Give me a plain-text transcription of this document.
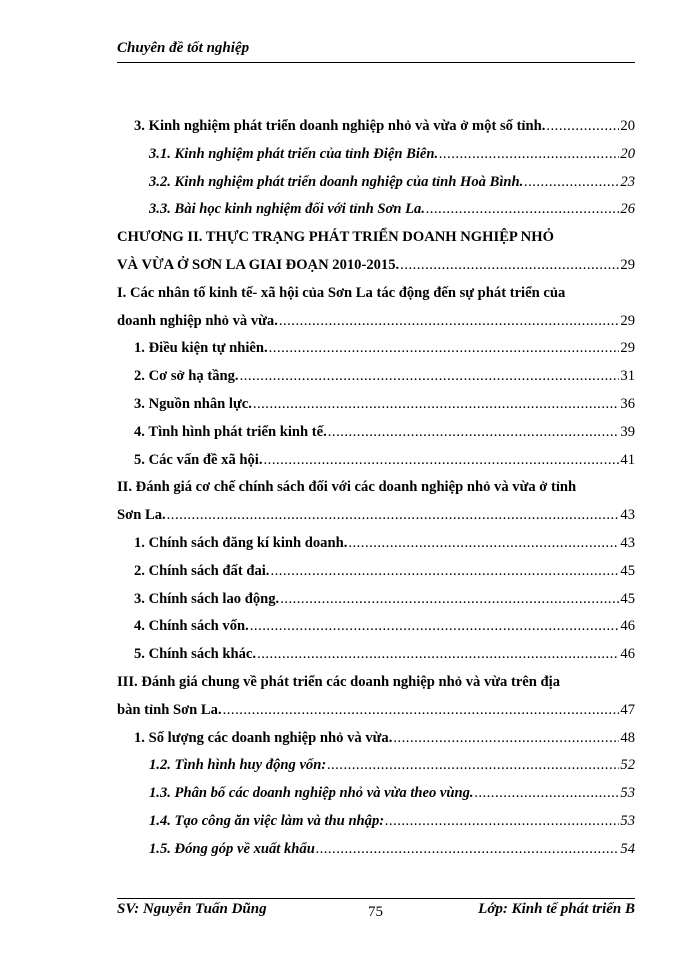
Chuyên đề tốt nghiệp
3. Kinh nghiệm phát triển doanh nghiệp nhỏ và vừa ở một số tỉnh. .....	20
3.1. Kinh nghiệm phát triển của tỉnh Điện Biên. .....	20
3.2. Kinh nghiệm phát triển doanh nghiệp của tỉnh Hoà Bình. .....	23
3.3. Bài học kinh nghiệm đối với tỉnh Sơn La. .....	26
CHƯƠNG II. THỰC TRẠNG PHÁT TRIỂN DOANH NGHIỆP NHỎ
VÀ VỪA Ở SƠN LA GIAI ĐOẠN 2010-2015. .....	29
I. Các nhân tố kinh tế- xã hội của Sơn La tác động đến sự phát triển của
doanh nghiệp nhỏ và vừa. .....	29
1. Điều kiện tự nhiên. .....	29
2. Cơ sở hạ tầng. .....	31
3. Nguồn nhân lực. .....	36
4. Tình hình phát triển kinh tế. .....	39
5. Các vấn đề xã hội. .....	41
II. Đánh giá cơ chế chính sách đối với các doanh nghiệp nhỏ và vừa ở tỉnh
Sơn La. .....	43
1. Chính sách đăng kí kinh doanh. .....	43
2. Chính sách đất đai. .....	45
3. Chính sách lao động. .....	45
4. Chính sách vốn. .....	46
5. Chính sách khác. .....	46
III. Đánh giá chung về phát triển các doanh nghiệp nhỏ và vừa trên địa
bàn tỉnh Sơn La. .....	47
1. Số lượng các doanh nghiệp nhỏ và vừa. .....	48
1.2. Tình hình huy động vốn: .....	52
1.3. Phân bố các doanh nghiệp nhỏ và vừa theo vùng. .....	53
1.4. Tạo công ăn việc làm và thu nhập: .....	53
1.5. Đóng góp về xuất khẩu .....	54
SV: Nguyễn Tuấn Dũng	75	Lớp: Kinh tế phát triển B
